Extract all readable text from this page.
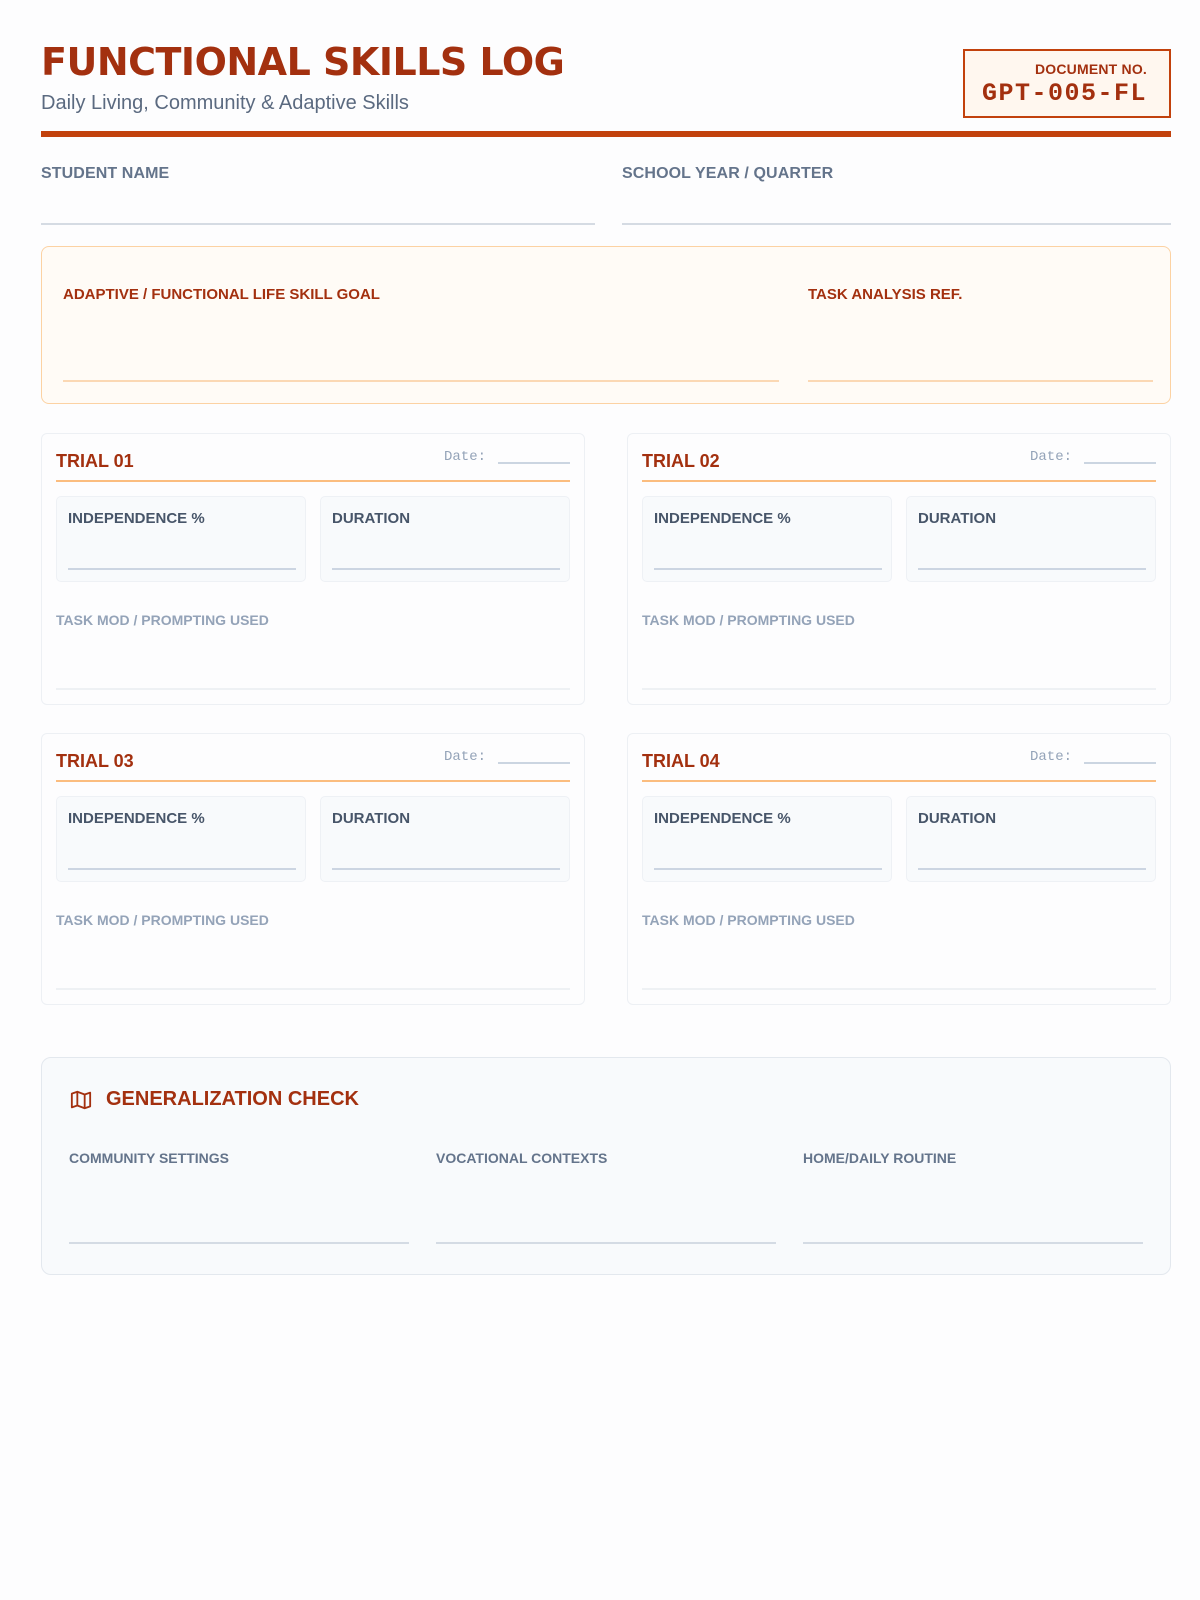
FUNCTIONAL SKILLS LOG
Daily Living, Community & Adaptive Skills
DOCUMENT NO.
GPT-005-FL
STUDENT NAME	SCHOOL YEAR / QUARTER
ADAPTIVE / FUNCTIONAL LIFE SKILL GOAL	TASK ANALYSIS REF.
TRIAL 01	Date:
INDEPENDENCE %	DURATION
TASK MOD / PROMPTING USED
TRIAL 02	Date:
INDEPENDENCE %	DURATION
TASK MOD / PROMPTING USED
TRIAL 03	Date:
INDEPENDENCE %	DURATION
TASK MOD / PROMPTING USED
TRIAL 04	Date:
INDEPENDENCE %	DURATION
TASK MOD / PROMPTING USED
GENERALIZATION CHECK
COMMUNITY SETTINGS	VOCATIONAL CONTEXTS	HOME/DAILY ROUTINE
